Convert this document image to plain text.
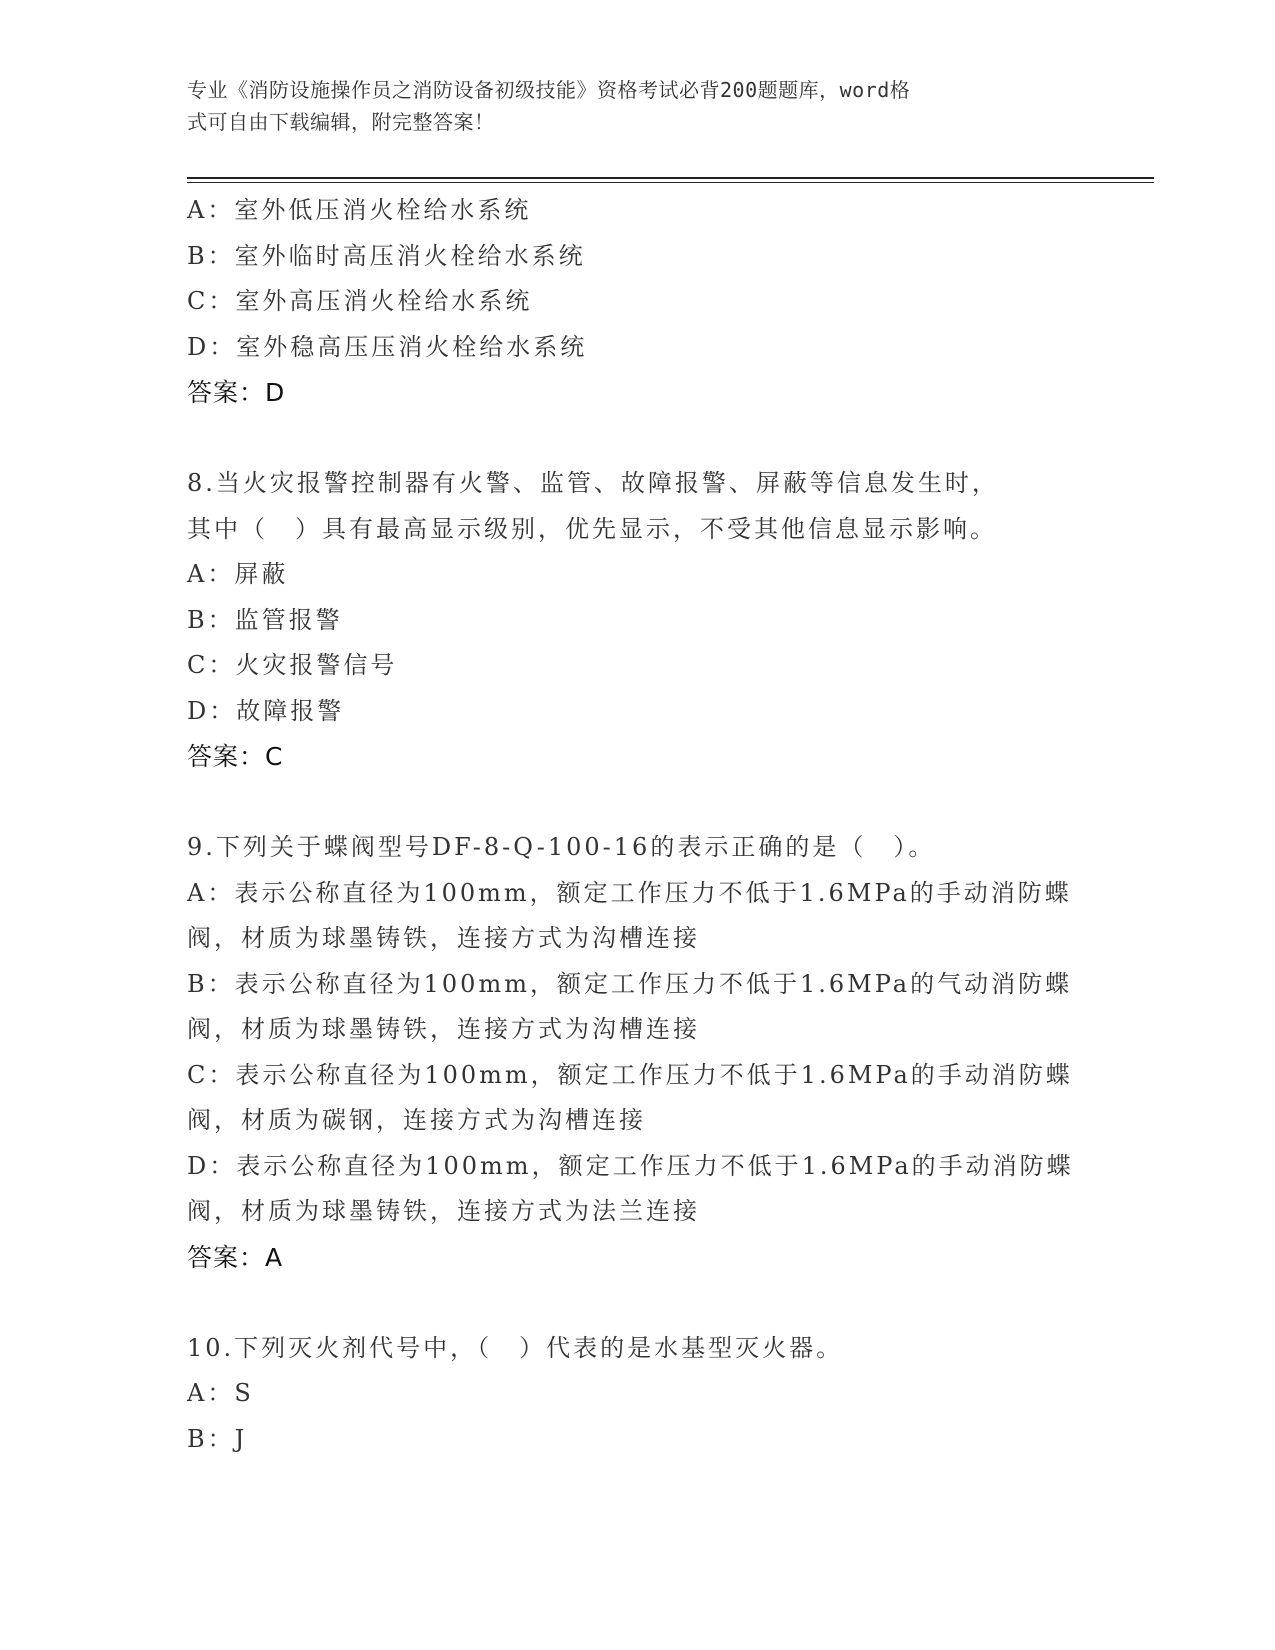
专业《消防设施操作员之消防设备初级技能》资格考试必背200题题库，word格
式可自由下载编辑，附完整答案！
A：室外低压消火栓给水系统
B：室外临时高压消火栓给水系统
C：室外高压消火栓给水系统
D：室外稳高压压消火栓给水系统
答案：D
8.当火灾报警控制器有火警、监管、故障报警、屏蔽等信息发生时，
其中（　）具有最高显示级别，优先显示，不受其他信息显示影响。
A：屏蔽
B：监管报警
C：火灾报警信号
D：故障报警
答案：C
9.下列关于蝶阀型号DF-8-Q-100-16的表示正确的是（　）。
A：表示公称直径为100mm，额定工作压力不低于1.6MPa的手动消防蝶
阀，材质为球墨铸铁，连接方式为沟槽连接
B：表示公称直径为100mm，额定工作压力不低于1.6MPa的气动消防蝶
阀，材质为球墨铸铁，连接方式为沟槽连接
C：表示公称直径为100mm，额定工作压力不低于1.6MPa的手动消防蝶
阀，材质为碳钢，连接方式为沟槽连接
D：表示公称直径为100mm，额定工作压力不低于1.6MPa的手动消防蝶
阀，材质为球墨铸铁，连接方式为法兰连接
答案：A
10.下列灭火剂代号中，（　）代表的是水基型灭火器。
A：S
B：J
